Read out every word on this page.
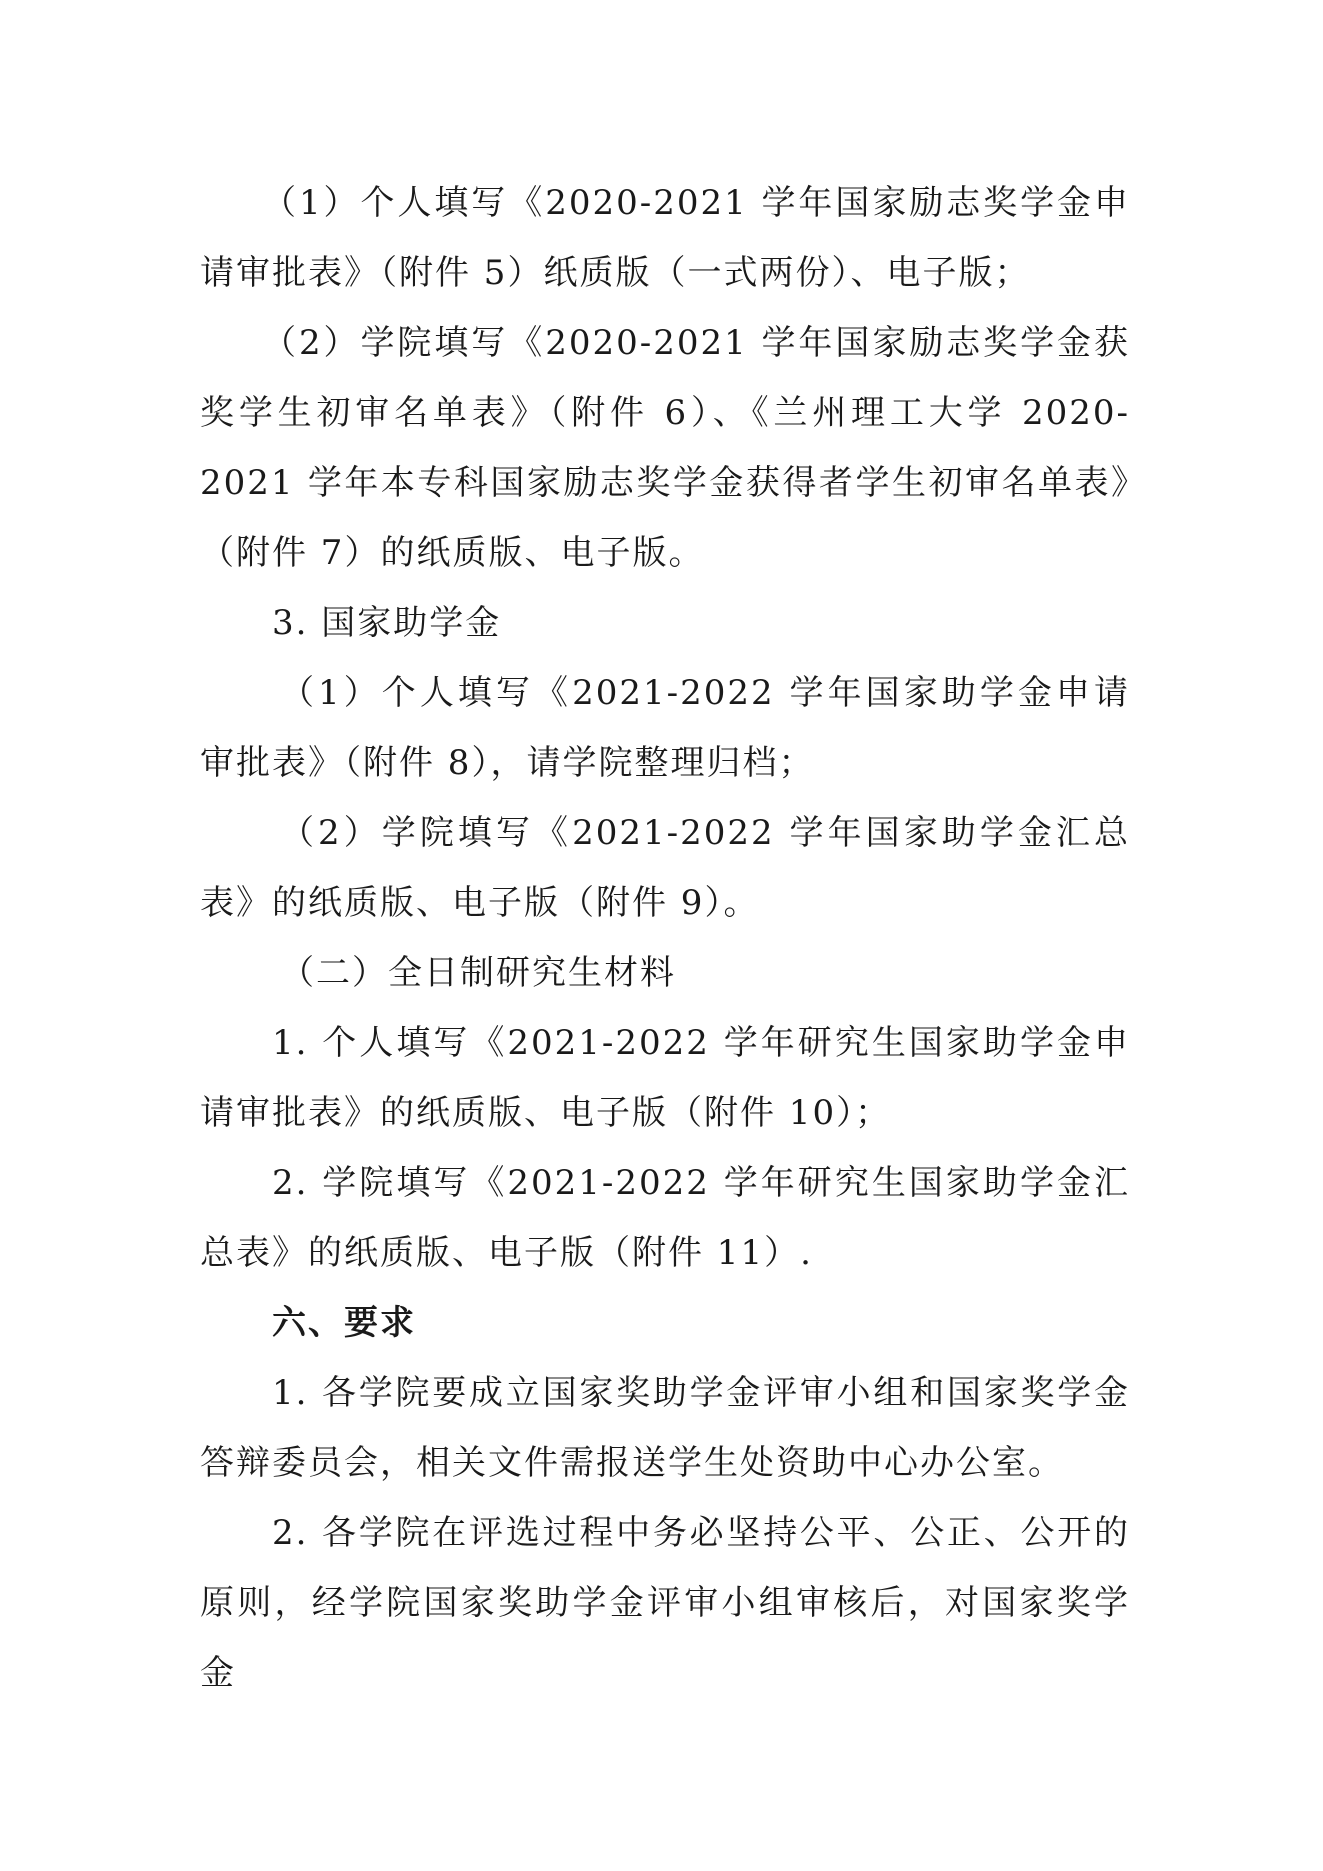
（1）个人填写《2020-2021 学年国家励志奖学金申请审批表》（附件 5）纸质版（一式两份）、电子版；

（2）学院填写《2020-2021 学年国家励志奖学金获奖学生初审名单表》（附件 6）、《兰州理工大学 2020-2021 学年本专科国家励志奖学金获得者学生初审名单表》（附件 7）的纸质版、电子版。

3. 国家助学金

（1）个人填写《2021-2022 学年国家助学金申请审批表》（附件 8），请学院整理归档；

（2）学院填写《2021-2022 学年国家助学金汇总表》的纸质版、电子版（附件 9）。

（二）全日制研究生材料

1. 个人填写《2021-2022 学年研究生国家助学金申请审批表》的纸质版、电子版（附件 10）；

2. 学院填写《2021-2022 学年研究生国家助学金汇总表》的纸质版、电子版（附件 11）.

六、要求

1. 各学院要成立国家奖助学金评审小组和国家奖学金答辩委员会，相关文件需报送学生处资助中心办公室。

2. 各学院在评选过程中务必坚持公平、公正、公开的原则，经学院国家奖助学金评审小组审核后，对国家奖学金
